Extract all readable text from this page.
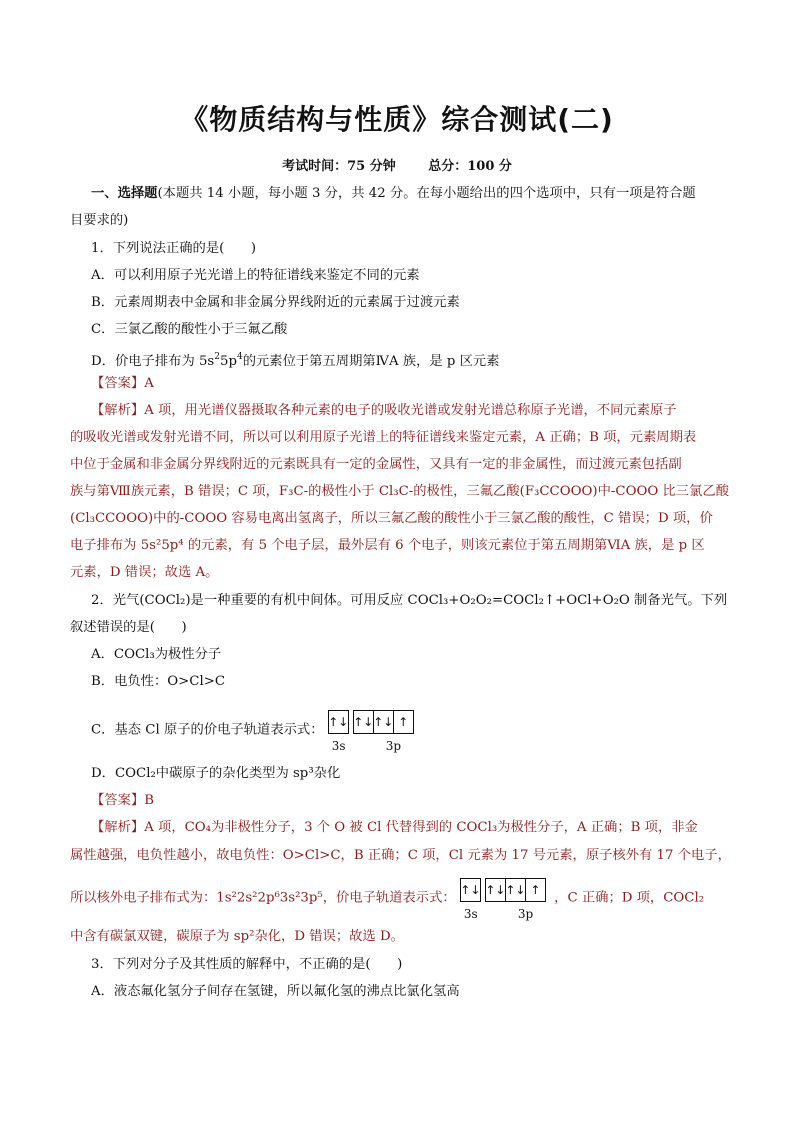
《物质结构与性质》综合测试(二)
考试时间：75 分钟	总分：100 分
一、选择题(本题共 14 小题，每小题 3 分，共 42 分。在每小题给出的四个选项中，只有一项是符合题
目要求的)
1．下列说法正确的是(　　)
A．可以利用原子光光谱上的特征谱线来鉴定不同的元素
B．元素周期表中金属和非金属分界线附近的元素属于过渡元素
C．三氯乙酸的酸性小于三氟乙酸
D．价电子排布为 $5s^25p^4$的元素位于第五周期第ⅣA 族，是 p 区元素
【答案】A
【解析】A 项，用光谱仪器摄取各种元素的电子的吸收光谱或发射光谱总称原子光谱，不同元素原子
的吸收光谱或发射光谱不同，所以可以利用原子光谱上的特征谱线来鉴定元素，A 正确；B 项，元素周期表
中位于金属和非金属分界线附近的元素既具有一定的金属性，又具有一定的非金属性，而过渡元素包括副
族与第Ⅷ族元素，B 错误；C 项，F₃C-的极性小于 Cl₃C-的极性，三氟乙酸(F₃CCOOO)中-COOO 比三氯乙酸
(Cl₃CCOOO)中的-COOO 容易电离出氢离子，所以三氟乙酸的酸性小于三氯乙酸的酸性，C 错误；D 项，价
电子排布为 5s²5p⁴ 的元素，有 5 个电子层，最外层有 6 个电子，则该元素位于第五周期第ⅥA 族，是 p 区
元素，D 错误；故选 A。
2．光气(COCl₂)是一种重要的有机中间体。可用反应 COCl₃+O₂O₂=COCl₂↑+OCl+O₂O 制备光气。下列
叙述错误的是(　　)
A．COCl₃为极性分子
B．电负性：O>Cl>C
C．基态 Cl 原子的价电子轨道表示式：
↑↓ ↑↓ ↑↓ ↑
3s	3p
D．COCl₂中碳原子的杂化类型为 sp³杂化
【答案】B
【解析】A 项，CO₄为非极性分子，3 个 O 被 Cl 代替得到的 COCl₃为极性分子，A 正确；B 项，非金
属性越强，电负性越小，故电负性：O>Cl>C，B 正确；C 项，Cl 元素为 17 号元素，原子核外有 17 个电子，
所以核外电子排布式为：1s²2s²2p⁶3s²3p⁵，价电子轨道表示式：
↑↓ ↑↓ ↑↓ ↑
3s	3p
，C 正确；D 项，COCl₂
中含有碳氯双键，碳原子为 sp²杂化，D 错误；故选 D。
3．下列对分子及其性质的解释中，不正确的是(　　)
A．液态氟化氢分子间存在氢键，所以氟化氢的沸点比氯化氢高
